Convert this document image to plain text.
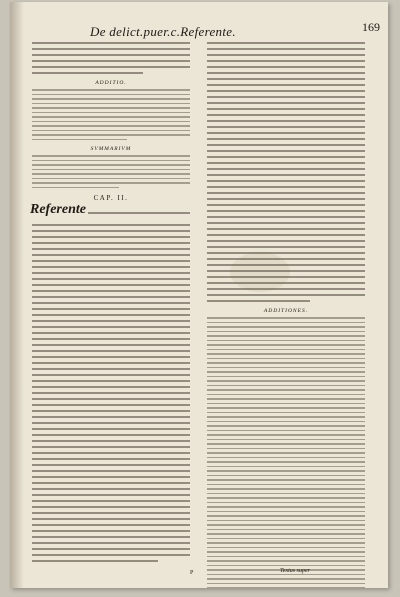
De delict.puer.c.Referente.	169
ADDITIO.
SVMMARIVM
CAP. II.
Referente
ADDITIONES.
P	Textus super
